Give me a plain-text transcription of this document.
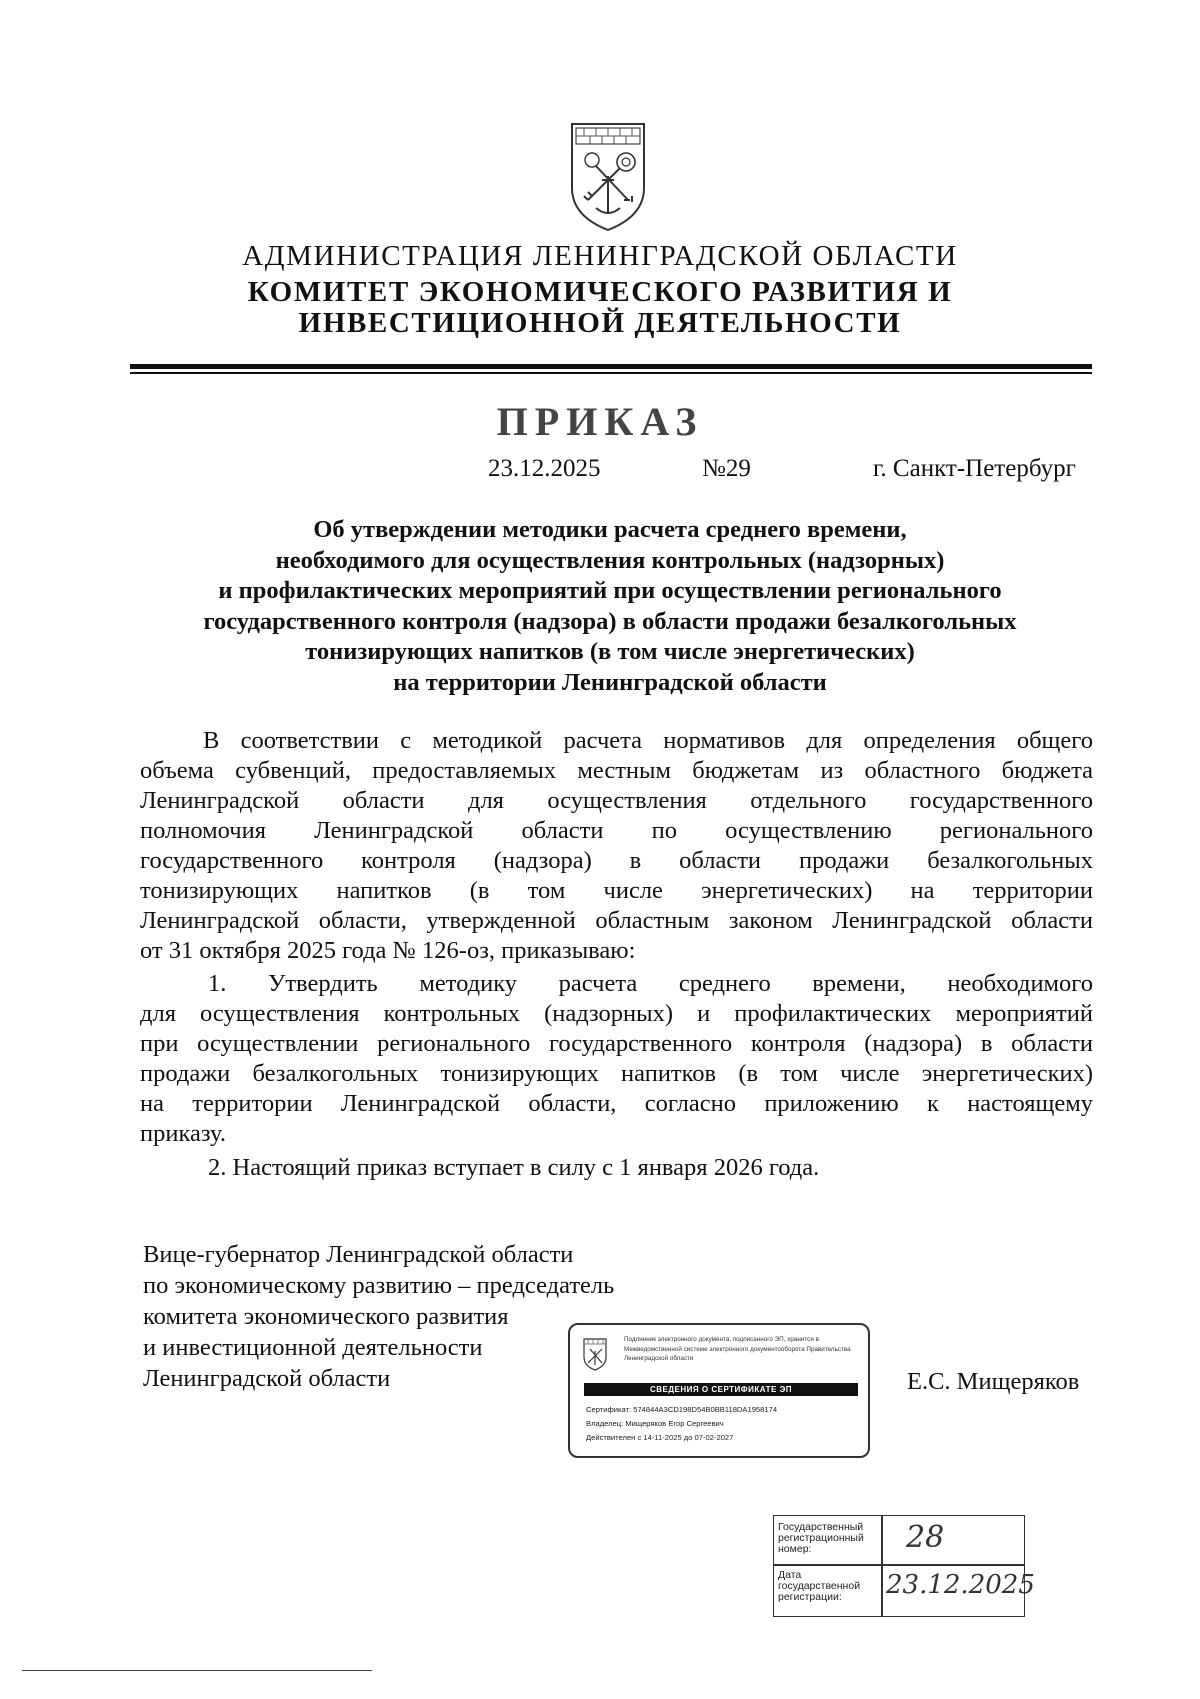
АДМИНИСТРАЦИЯ ЛЕНИНГРАДСКОЙ ОБЛАСТИ
КОМИТЕТ ЭКОНОМИЧЕСКОГО РАЗВИТИЯ И
ИНВЕСТИЦИОННОЙ ДЕЯТЕЛЬНОСТИ
ПРИКАЗ
23.12.2025	№29	г. Санкт-Петербург
Об утверждении методики расчета среднего времени,
необходимого для осуществления контрольных (надзорных)
и профилактических мероприятий при осуществлении регионального
государственного контроля (надзора) в области продажи безалкогольных
тонизирующих напитков (в том числе энергетических)
на территории Ленинградской области
В соответствии с методикой расчета нормативов для определения общего
объема субвенций, предоставляемых местным бюджетам из областного бюджета
Ленинградской области для осуществления отдельного государственного
полномочия Ленинградской области по осуществлению регионального
государственного контроля (надзора) в области продажи безалкогольных
тонизирующих напитков (в том числе энергетических) на территории
Ленинградской области, утвержденной областным законом Ленинградской области
от 31 октября 2025 года № 126-оз, приказываю:
1. Утвердить методику расчета среднего времени, необходимого
для осуществления контрольных (надзорных) и профилактических мероприятий
при осуществлении регионального государственного контроля (надзора) в области
продажи безалкогольных тонизирующих напитков (в том числе энергетических)
на территории Ленинградской области, согласно приложению к настоящему
приказу.
2. Настоящий приказ вступает в силу с 1 января 2026 года.
Вице-губернатор Ленинградской области
по экономическому развитию – председатель
комитета экономического развития
и инвестиционной деятельности
Ленинградской области	Е.С. Мищеряков
Подлинник электронного документа, подписанного ЭП, хранится в Межведомственной системе электронного документооборота Правительства Ленинградской области
СВЕДЕНИЯ О СЕРТИФИКАТЕ ЭП
Сертификат: 574844A3CD198D54B0BB118DA1958174
Владелец: Мищеряков Егор Сергеевич
Действителен с 14-11-2025 до 07-02-2027
Государственный регистрационный номер:	28
Дата государственной регистрации:	23.12.2025
